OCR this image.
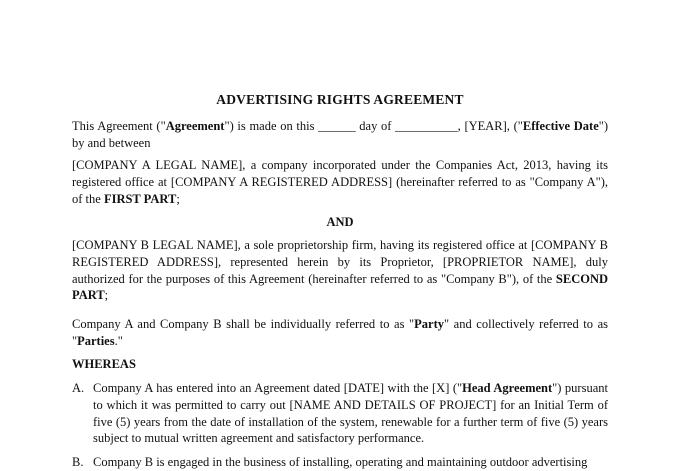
ADVERTISING RIGHTS AGREEMENT
This Agreement ("Agreement") is made on this ______ day of __________, [YEAR], ("Effective Date") by and between
[COMPANY A LEGAL NAME], a company incorporated under the Companies Act, 2013, having its registered office at [COMPANY A REGISTERED ADDRESS] (hereinafter referred to as "Company A"), of the FIRST PART;
AND
[COMPANY B LEGAL NAME], a sole proprietorship firm, having its registered office at [COMPANY B REGISTERED ADDRESS], represented herein by its Proprietor, [PROPRIETOR NAME], duly authorized for the purposes of this Agreement (hereinafter referred to as "Company B"), of the SECOND PART;
Company A and Company B shall be individually referred to as "Party" and collectively referred to as "Parties."
WHEREAS
A. Company A has entered into an Agreement dated [DATE] with the [X] ("Head Agreement") pursuant to which it was permitted to carry out [NAME AND DETAILS OF PROJECT] for an Initial Term of five (5) years from the date of installation of the system, renewable for a further term of five (5) years subject to mutual written agreement and satisfactory performance.
B. Company B is engaged in the business of installing, operating and maintaining outdoor advertising
